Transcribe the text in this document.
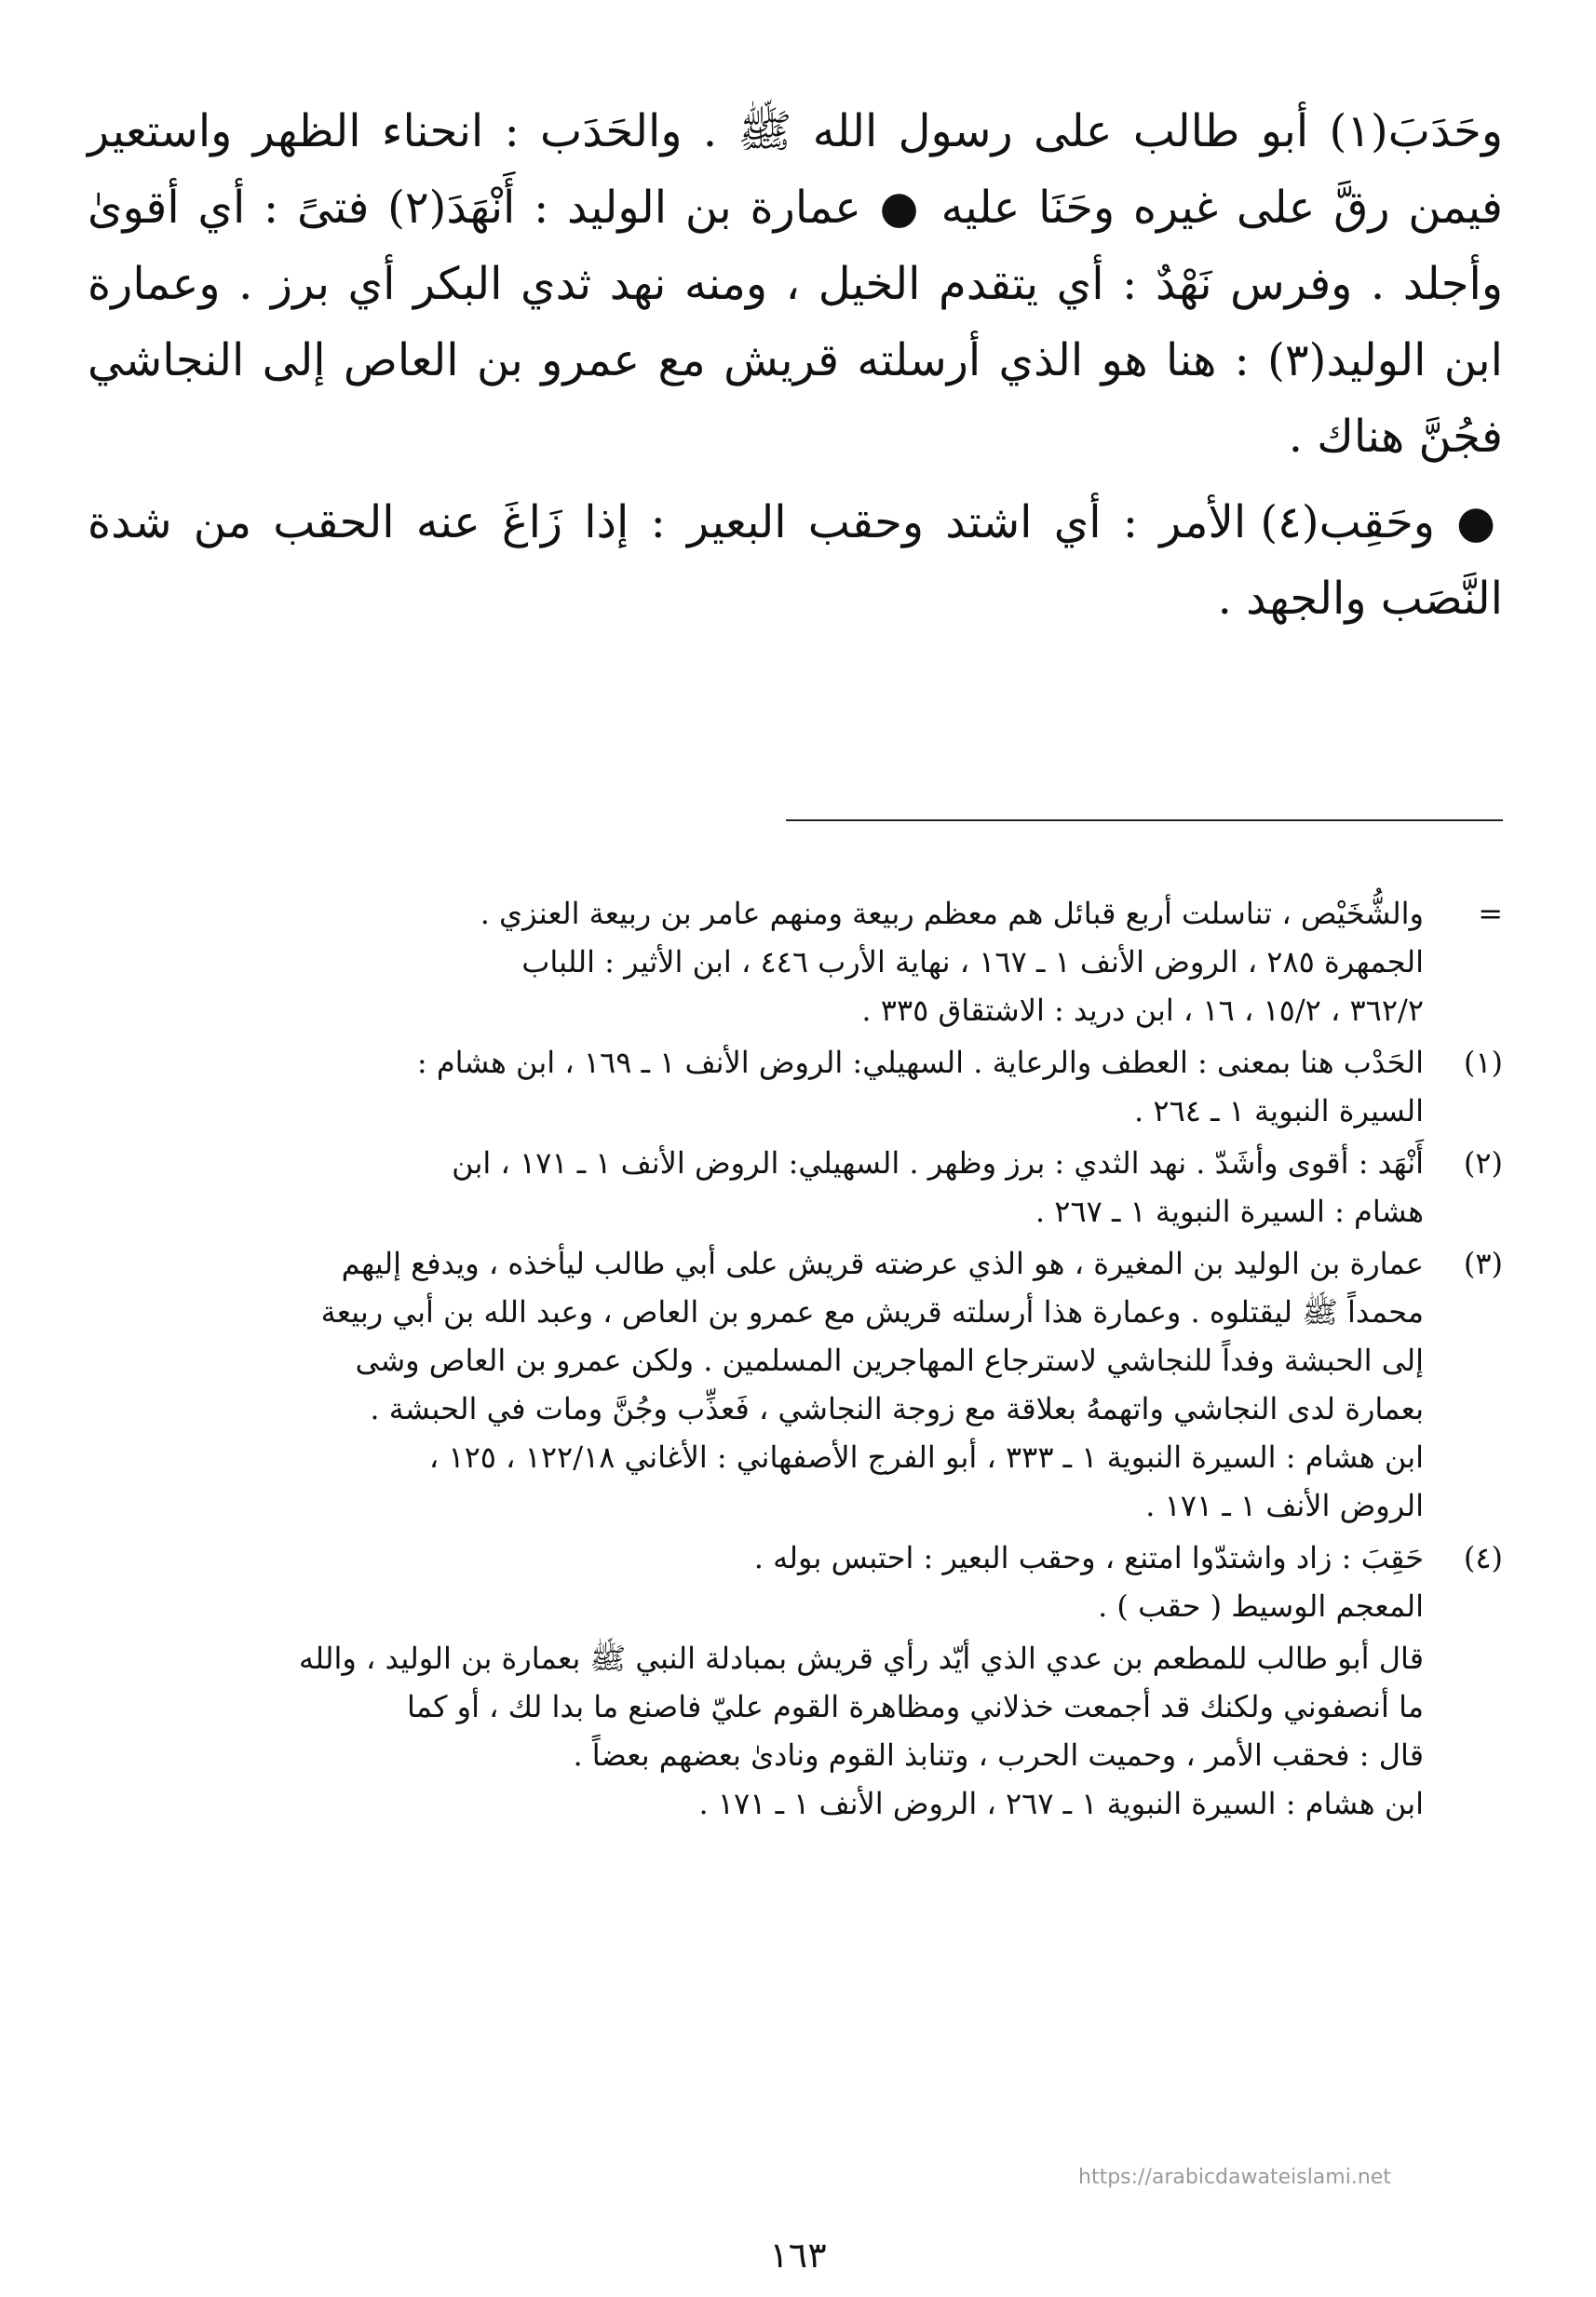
وحَدَبَ(١) أبو طالب على رسول الله ﷺ . والحَدَب : انحناء الظهر واستعير فيمن رقَّ على غيره وحَنَا عليه ● عمارة بن الوليد : أَنْهَدَ(٢) فتىً : أي أقوىٰ وأجلد . وفرس نَهْدٌ : أي يتقدم الخيل ، ومنه نهد ثدي البكر أي برز . وعمارة ابن الوليد(٣) : هنا هو الذي أرسلته قريش مع عمرو بن العاص إلى النجاشي فجُنَّ هناك .

● وحَقِب(٤) الأمر : أي اشتد وحقب البعير : إذا زَاغَ عنه الحقب من شدة النَّصَب والجهد .

=
والشُّخَيْص ، تناسلت أربع قبائل هم معظم ربيعة ومنهم عامر بن ربيعة العنزي .
الجمهرة ٢٨٥ ، الروض الأنف ١ ـ ١٦٧ ، نهاية الأرب ٤٤٦ ، ابن الأثير : اللباب
٣٦٢/٢ ، ١٥/٢ ، ١٦ ، ابن دريد : الاشتقاق ٣٣٥ .
(١)
الحَدْب هنا بمعنى : العطف والرعاية . السهيلي: الروض الأنف ١ ـ ١٦٩ ، ابن هشام :
السيرة النبوية ١ ـ ٢٦٤ .
(٢)
أَنْهَد : أقوى وأشَدّ . نهد الثدي : برز وظهر . السهيلي: الروض الأنف ١ ـ ١٧١ ، ابن
هشام : السيرة النبوية ١ ـ ٢٦٧ .
(٣)
عمارة بن الوليد بن المغيرة ، هو الذي عرضته قريش على أبي طالب ليأخذه ، ويدفع إليهم
محمداً ﷺ ليقتلوه . وعمارة هذا أرسلته قريش مع عمرو بن العاص ، وعبد الله بن أبي ربيعة
إلى الحبشة وفداً للنجاشي لاسترجاع المهاجرين المسلمين . ولكن عمرو بن العاص وشى
بعمارة لدى النجاشي واتهمهُ بعلاقة مع زوجة النجاشي ، فَعذِّب وجُنَّ ومات في الحبشة .
ابن هشام : السيرة النبوية ١ ـ ٣٣٣ ، أبو الفرج الأصفهاني : الأغاني ١٢٢/١٨ ، ١٢٥ ،
الروض الأنف ١ ـ ١٧١ .
(٤)
حَقِبَ : زاد واشتدّوا امتنع ، وحقب البعير : احتبس بوله .
المعجم الوسيط ( حقب ) .
قال أبو طالب للمطعم بن عدي الذي أيّد رأي قريش بمبادلة النبي ﷺ بعمارة بن الوليد ، والله
ما أنصفوني ولكنك قد أجمعت خذلاني ومظاهرة القوم عليّ فاصنع ما بدا لك ، أو كما
قال : فحقب الأمر ، وحميت الحرب ، وتنابذ القوم ونادىٰ بعضهم بعضاً .
ابن هشام : السيرة النبوية ١ ـ ٢٦٧ ، الروض الأنف ١ ـ ١٧١ .
https://arabicdawateislami.net
١٦٣
